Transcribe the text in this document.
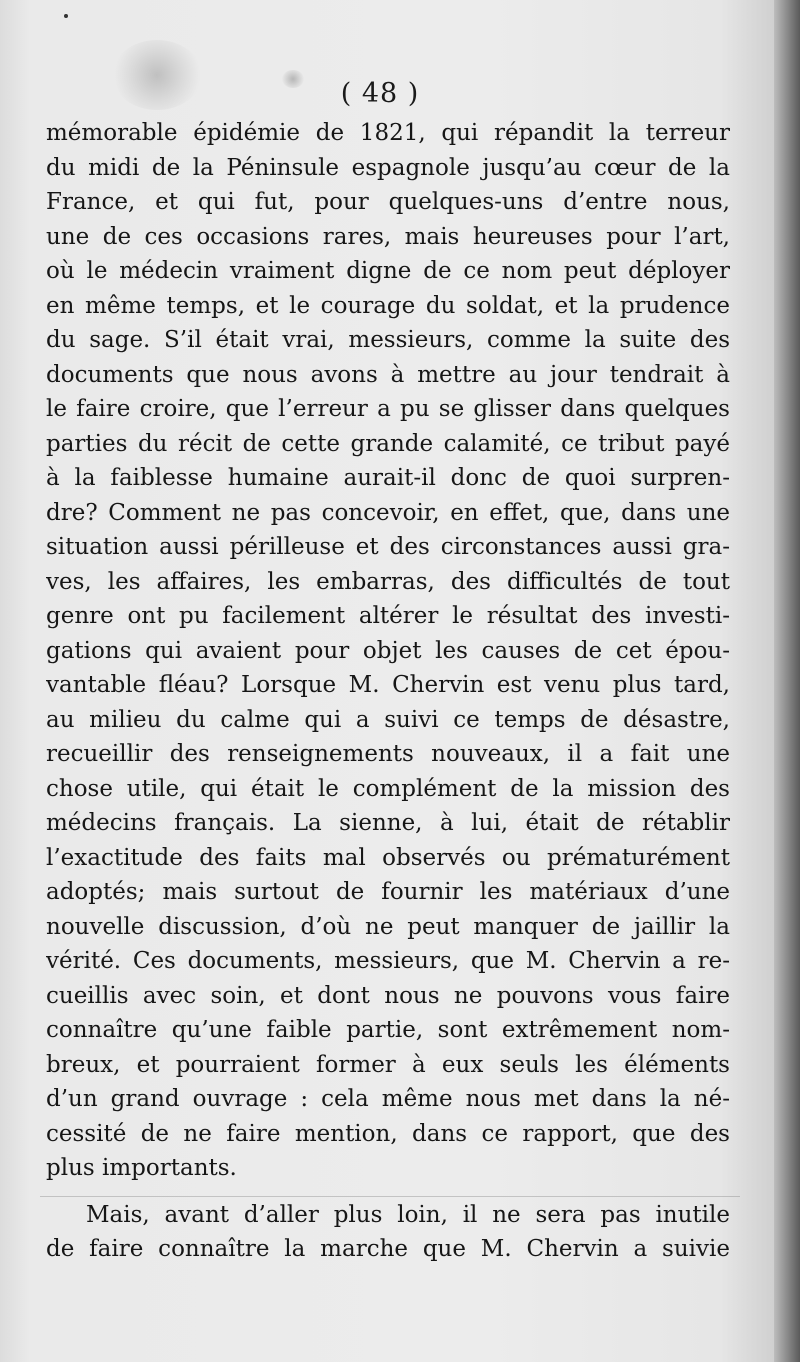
( 48 )
mémorable épidémie de 1821, qui répandit la terreur
du midi de la Péninsule espagnole jusqu’au cœur de la
France, et qui fut, pour quelques-uns d’entre nous,
une de ces occasions rares, mais heureuses pour l’art,
où le médecin vraiment digne de ce nom peut déployer
en même temps, et le courage du soldat, et la prudence
du sage. S’il était vrai, messieurs, comme la suite des
documents que nous avons à mettre au jour tendrait à
le faire croire, que l’erreur a pu se glisser dans quelques
parties du récit de cette grande calamité, ce tribut payé
à la faiblesse humaine aurait-il donc de quoi surpren-
dre? Comment ne pas concevoir, en effet, que, dans une
situation aussi périlleuse et des circonstances aussi gra-
ves, les affaires, les embarras, des difficultés de tout
genre ont pu facilement altérer le résultat des investi-
gations qui avaient pour objet les causes de cet épou-
vantable fléau? Lorsque M. Chervin est venu plus tard,
au milieu du calme qui a suivi ce temps de désastre,
recueillir des renseignements nouveaux, il a fait une
chose utile, qui était le complément de la mission des
médecins français. La sienne, à lui, était de rétablir
l’exactitude des faits mal observés ou prématurément
adoptés; mais surtout de fournir les matériaux d’une
nouvelle discussion, d’où ne peut manquer de jaillir la
vérité. Ces documents, messieurs, que M. Chervin a re-
cueillis avec soin, et dont nous ne pouvons vous faire
connaître qu’une faible partie, sont extrêmement nom-
breux, et pourraient former à eux seuls les éléments
d’un grand ouvrage : cela même nous met dans la né-
cessité de ne faire mention, dans ce rapport, que des
plus importants.
Mais, avant d’aller plus loin, il ne sera pas inutile
de faire connaître la marche que M. Chervin a suivie
